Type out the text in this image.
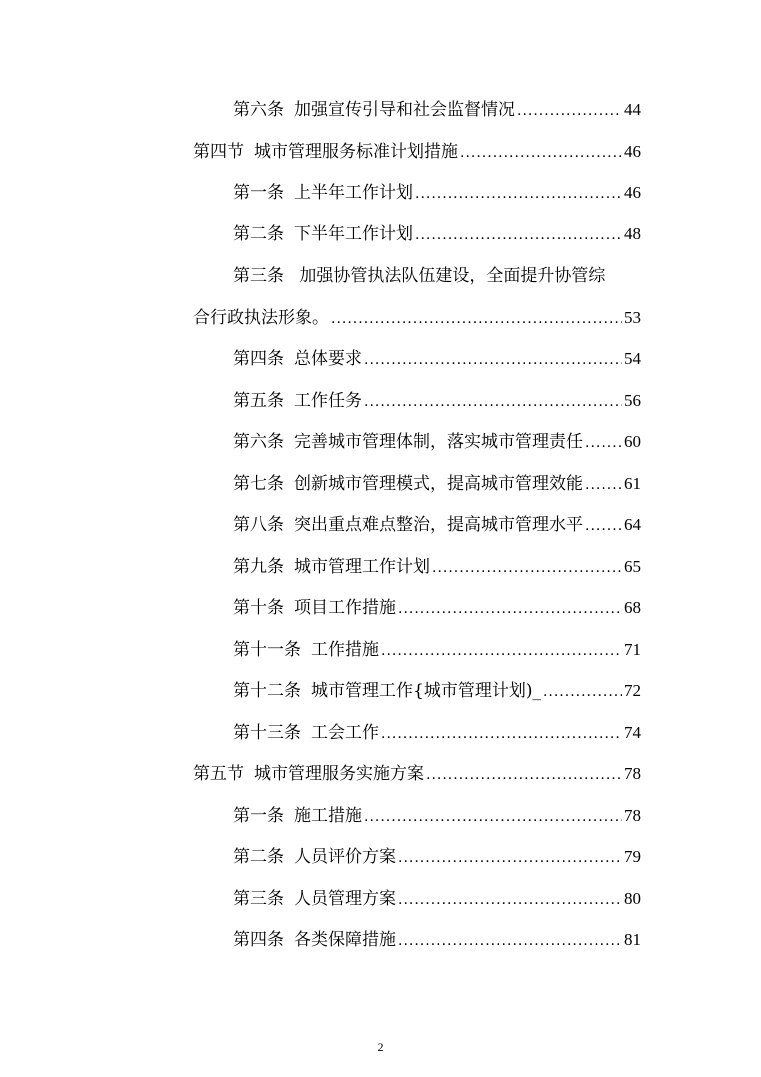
第六条 加强宣传引导和社会监督情况 .....	44
第四节 城市管理服务标准计划措施 .....	46
第一条 上半年工作计划 .....	46
第二条 下半年工作计划 .....	48
第三条 加强协管执法队伍建设，全面提升协管综
合行政执法形象。 .....	53
第四条 总体要求 .....	54
第五条 工作任务 .....	56
第六条 完善城市管理体制，落实城市管理责任 ..... 60
第七条 创新城市管理模式，提高城市管理效能 ..... 61
第八条 突出重点难点整治，提高城市管理水平 ..... 64
第九条 城市管理工作计划 .....	65
第十条 项目工作措施 .....	68
第十一条 工作措施 .....	71
第十二条 城市管理工作{城市管理计划)_ .....	72
第十三条 工会工作 .....	74
第五节 城市管理服务实施方案 .....	78
第一条 施工措施 .....	78
第二条 人员评价方案 .....	79
第三条 人员管理方案 .....	80
第四条 各类保障措施 .....	81
2
